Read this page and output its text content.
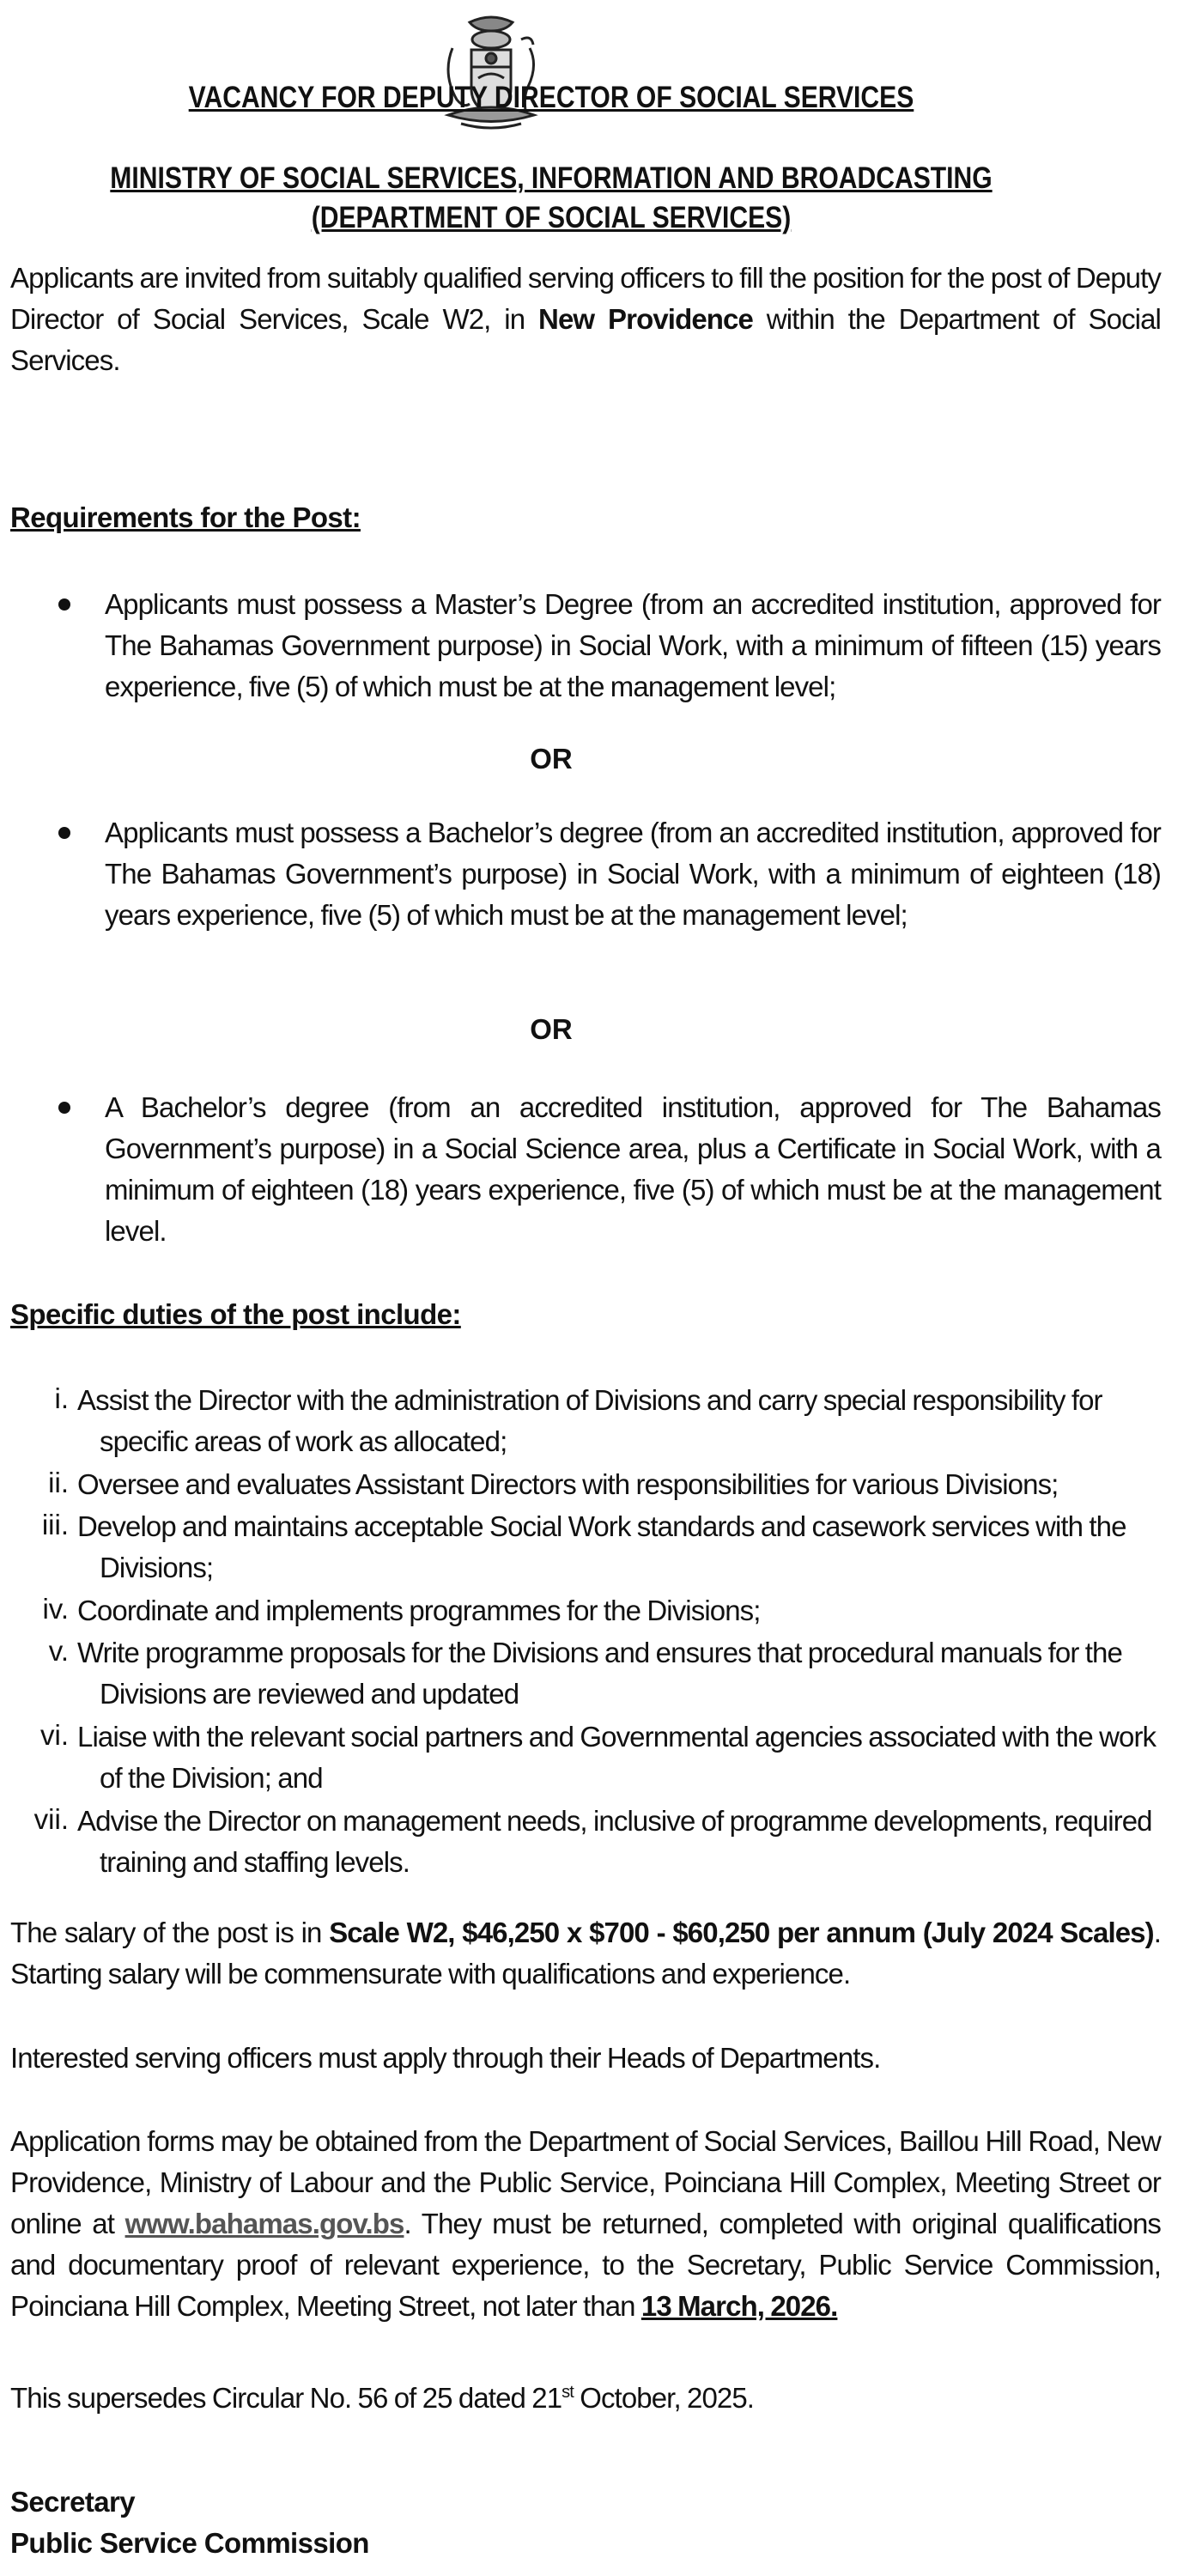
VACANCY FOR DEPUTY DIRECTOR OF SOCIAL SERVICES
MINISTRY OF SOCIAL SERVICES, INFORMATION AND BROADCASTING
(DEPARTMENT OF SOCIAL SERVICES)
Applicants are invited from suitably qualified serving officers to fill the position for the post of Deputy Director of Social Services, Scale W2, in New Providence within the Department of Social Services.
Requirements for the Post:
Applicants must possess a Master’s Degree (from an accredited institution, approved for The Bahamas Government purpose) in Social Work, with a minimum of fifteen (15) years experience, five (5) of which must be at the management level;
OR
Applicants must possess a Bachelor’s degree (from an accredited institution, approved for The Bahamas Government’s purpose) in Social Work, with a minimum of eighteen (18) years experience, five (5) of which must be at the management level;
OR
A Bachelor’s degree (from an accredited institution, approved for The Bahamas Government’s purpose) in a Social Science area, plus a Certificate in Social Work, with a minimum of eighteen (18) years experience, five (5) of which must be at the management level.
Specific duties of the post include:
i. Assist the Director with the administration of Divisions and carry special responsibility for
specific areas of work as allocated;
ii. Oversee and evaluates Assistant Directors with responsibilities for various Divisions;
iii. Develop and maintains acceptable Social Work standards and casework services with the
Divisions;
iv. Coordinate and implements programmes for the Divisions;
v. Write programme proposals for the Divisions and ensures that procedural manuals for the
Divisions are reviewed and updated
vi. Liaise with the relevant social partners and Governmental agencies associated with the work
of the Division; and
vii. Advise the Director on management needs, inclusive of programme developments, required
training and staffing levels.
The salary of the post is in Scale W2, $46,250 x $700 - $60,250 per annum (July 2024 Scales). Starting salary will be commensurate with qualifications and experience.
Interested serving officers must apply through their Heads of Departments.
Application forms may be obtained from the Department of Social Services, Baillou Hill Road, New Providence, Ministry of Labour and the Public Service, Poinciana Hill Complex, Meeting Street or online at www.bahamas.gov.bs. They must be returned, completed with original qualifications and documentary proof of relevant experience, to the Secretary, Public Service Commission, Poinciana Hill Complex, Meeting Street, not later than 13 March, 2026.
This supersedes Circular No. 56 of 25 dated 21st October, 2025.
Secretary
Public Service Commission
